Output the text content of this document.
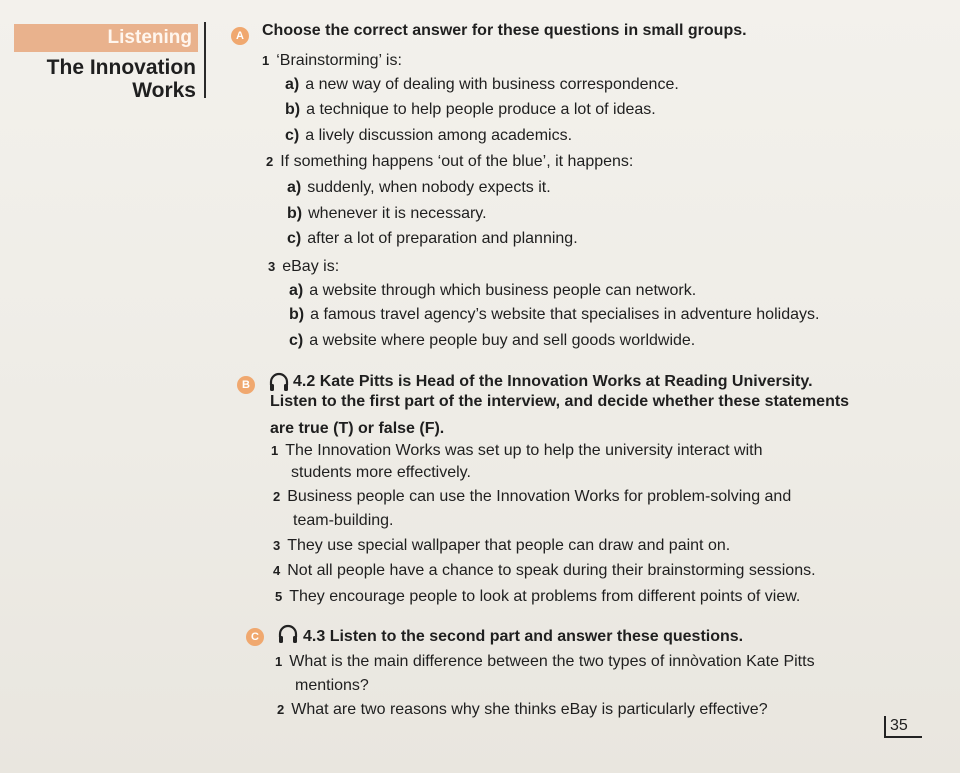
Listening
The Innovation
Works
A	Choose the correct answer for these questions in small groups.
1 ‘Brainstorming’ is:
a) a new way of dealing with business correspondence.
b) a technique to help people produce a lot of ideas.
c) a lively discussion among academics.
2 If something happens ‘out of the blue’, it happens:
a) suddenly, when nobody expects it.
b) whenever it is necessary.
c) after a lot of preparation and planning.
3 eBay is:
a) a website through which business people can network.
b) a famous travel agency’s website that specialises in adventure holidays.
c) a website where people buy and sell goods worldwide.
B	4.2 Kate Pitts is Head of the Innovation Works at Reading University.
Listen to the first part of the interview, and decide whether these statements
are true (T) or false (F).
1 The Innovation Works was set up to help the university interact with
students more effectively.
2 Business people can use the Innovation Works for problem-solving and
team-building.
3 They use special wallpaper that people can draw and paint on.
4 Not all people have a chance to speak during their brainstorming sessions.
5 They encourage people to look at problems from different points of view.
C	4.3 Listen to the second part and answer these questions.
1 What is the main difference between the two types of innòvation Kate Pitts
mentions?
2 What are two reasons why she thinks eBay is particularly effective?
35
